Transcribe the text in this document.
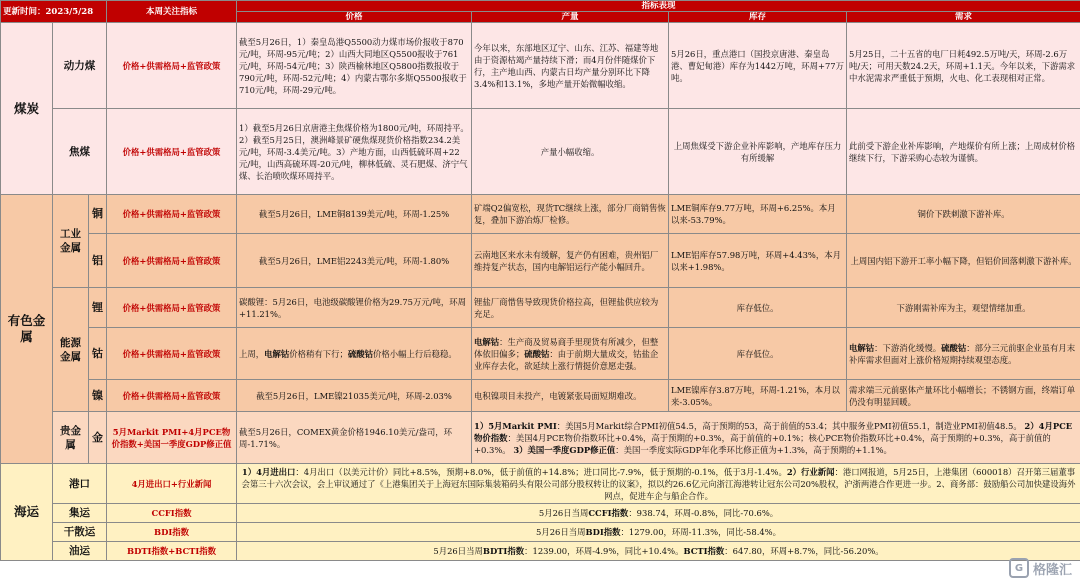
更新时间：2023/5/28			本周关注指标	指标表现			
				价格	产量	库存	需求
煤炭	动力煤		价格+供需格局+监管政策	截至5月26日，1）秦皇岛港Q5500动力煤市场价报收于870元/吨，环周-95元/吨；2）山西大同地区Q5500报收于761元/吨，环周-54元/吨；3）陕西榆林地区Q5800指数报收于790元/吨，环周-52元/吨；4）内蒙古鄂尔多斯Q5500报收于710元/吨，环周-29元/吨。	今年以来，东部地区辽宁、山东、江苏、福建等地由于资源枯竭产量持续下滑；而4月份伴随煤价下行，主产地山西、内蒙古日均产量分别环比下降3.4%和13.1%，多地产量开始微幅收缩。	5月26日，重点港口（国投京唐港、秦皇岛港、曹妃甸港）库存为1442万吨，环周+77万吨。	5月25日，二十五省的电厂日耗492.5万吨/天，环周-2.6万吨/天；可用天数24.2天，环周+1.1天。今年以来，下游需求中水泥需求严重低于预期，火电、化工表现相对正常。
	焦煤		价格+供需格局+监管政策	1）截至5月26日京唐港主焦煤价格为1800元/吨，环周持平。2）截至5月25日，澳洲峰景矿硬焦煤现货价格指数234.2美元/吨，环周-3.4美元/吨。3）产地方面，山西低硫环周+22元/吨，山西高硫环周-20元/吨，柳林低硫、灵石肥煤、济宁气煤、长治喷吹煤环周持平。	产量小幅收缩。	上周焦煤受下游企业补库影响，产地库存压力有所缓解	此前受下游企业补库影响，产地煤价有所上涨；上周成材价格继续下行，下游采购心态较为谨慎。
有色金属	工业金属	铜	价格+供需格局+监管政策	截至5月26日，LME铜8139美元/吨，环周-1.25%	矿端Q2偏宽松，现货TC继续上涨，部分厂商销售恢复，叠加下游冶炼厂检修。	LME铜库存9.77万吨，环周+6.25%。本月以来-53.79%。	铜价下跌刺激下游补库。
		铝	价格+供需格局+监管政策	截至5月26日，LME铝2243美元/吨，环周-1.80%	云南地区来水未有缓解，复产仍有困难，贵州铝厂维持复产状态，国内电解铝运行产能小幅回升。	LME铝库存57.98万吨，环周+4.43%，本月以来+1.98%。	上周国内铝下游开工率小幅下降，但铝价回落刺激下游补库。
	能源金属	锂	价格+供需格局+监管政策	碳酸锂：5月26日，电池级碳酸锂价格为29.75万元/吨，环周+11.21%。	锂盐厂商惜售导致现货价格拉高，但锂盐供应较为充足。	库存低位。	下游刚需补库为主，观望情绪加重。
		钴	价格+供需格局+监管政策	上周，电解钴价格稍有下行；硫酸钴价格小幅上行后稳稳。	电解钴：生产商及贸易商手里现货有所减少，但整体依旧偏多；硫酸钴：由于前期大量成交，钴盐企业库存去化，欲延续上涨行情挺价意愿走强。	库存低位。	电解钴：下游消化缓慢。硫酸钴：部分三元前驱企业虽有月末补库需求但面对上涨价格短期持续观望态度。
		镍	价格+供需格局+监管政策	截至5月26日，LME镍21035美元/吨，环周-2.03%	电积镍项目未投产，电镀紧张局面短期难改。	LME镍库存3.87万吨，环周-1.21%，本月以来-3.05%。	需求端三元前驱体产量环比小幅增长；不锈钢方面，终端订单仍没有明显回暖。
	贵金属	金	5月Markit PMI+4月PCE物价指数+美国一季度GDP修正值	截至5月26日，COMEX黄金价格1946.10美元/盎司，环周-1.71%。	1）5月Markit PMI：美国5月Markit综合PMI初值54.5，高于预期的53，高于前值的53.4；其中服务业PMI初值55.1，制造业PMI初值48.5。 2）4月PCE物价指数：美国4月PCE物价指数环比+0.4%，高于预期的+0.3%，高于前值的+0.1%；核心PCE物价指数环比+0.4%，高于预期的+0.3%，高于前值的+0.3%。 3）美国一季度GDP修正值：美国一季度实际GDP年化季环比修正值为+1.3%，高于预期的+1.1%。		
海运	港口		4月进出口+行业新闻	1）4月进出口：4月出口（以美元计价）同比+8.5%，预期+8.0%，低于前值的+14.8%；进口同比-7.9%，低于预期的-0.1%，低于3月-1.4%。2）行业新闻：港口网报道，5月25日，上港集团（600018）召开第三届董事会第三十六次会议，会上审议通过了《上港集团关于上海冠东国际集装箱码头有限公司部分股权转让的议案》，拟以约26.6亿元向浙江海港转让冠东公司20%股权，沪浙两港合作更进一步。2、商务部：鼓励船公司加快建设海外网点，促进车企与船企合作。			
	集运		CCFI指数	5月26日当周CCFI指数：938.74，环周-0.8%，同比-70.6%。			
	干散运		BDI指数	5月26日当周BDI指数：1279.00，环周-11.3%，同比-58.4%。			
	油运		BDTI指数+BCTI指数	5月26日当周BDTI指数：1239.00，环周-4.9%，同比+10.4%。BCTI指数：647.80，环周+8.7%，同比-56.20%。			
G 格隆汇
